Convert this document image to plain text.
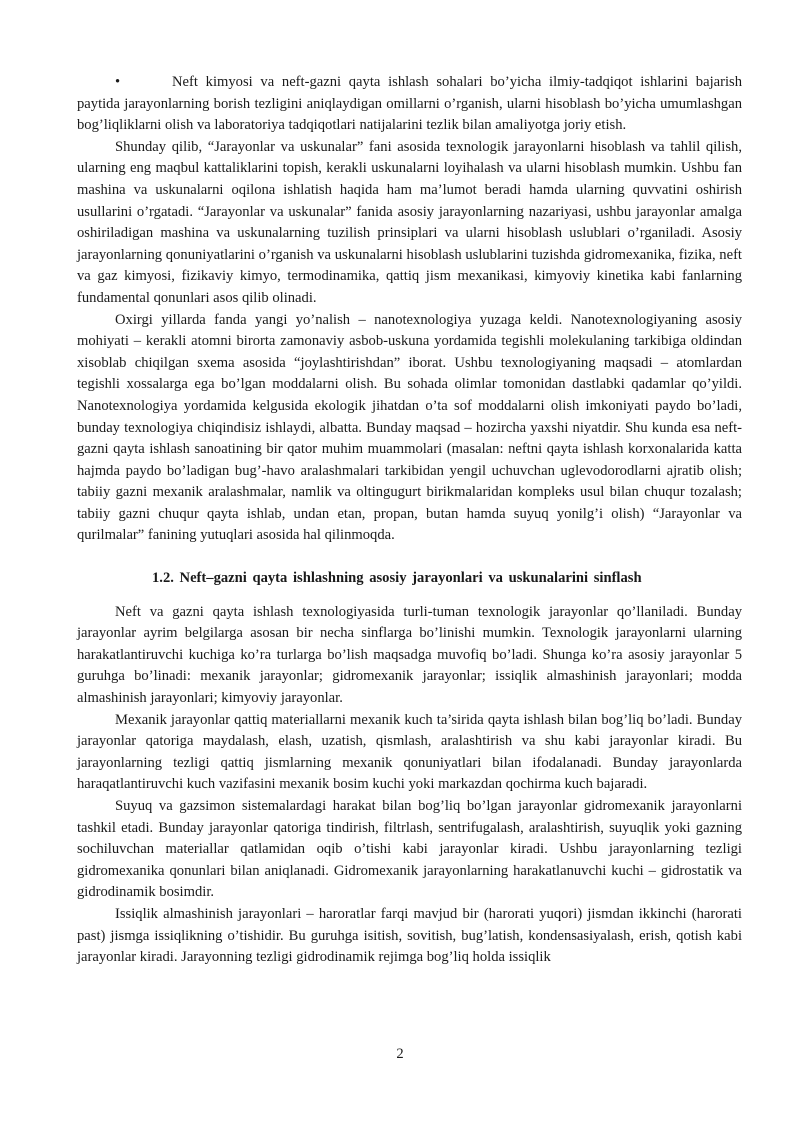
•	Neft kimyosi va neft-gazni qayta ishlash sohalari bo’yicha ilmiy-tadqiqot ishlarini bajarish paytida jarayonlarning borish tezligini aniqlaydigan omillarni o’rganish, ularni hisoblash bo’yicha umumlashgan bog’liqliklarni olish va laboratoriya tadqiqotlari natijalarini tezlik bilan amaliyotga joriy etish.

Shunday qilib, “Jarayonlar va uskunalar” fani asosida texnologik jarayonlarni hisoblash va tahlil qilish, ularning eng maqbul kattaliklarini topish, kerakli uskunalarni loyihalash va ularni hisoblash mumkin. Ushbu fan mashina va uskunalarni oqilona ishlatish haqida ham ma’lumot beradi hamda ularning quvvatini oshirish usullarini o’rgatadi. “Jarayonlar va uskunalar” fanida asosiy jarayonlarning nazariyasi, ushbu jarayonlar amalga oshiriladigan mashina va uskunalarning tuzilish prinsiplari va ularni hisoblash uslublari o’rganiladi. Asosiy jarayonlarning qonuniyatlarini o’rganish va uskunalarni hisoblash uslublarini tuzishda gidromexanika, fizika, neft va gaz kimyosi, fizikaviy kimyo, termodinamika, qattiq jism mexanikasi, kimyoviy kinetika kabi fanlarning fundamental qonunlari asos qilib olinadi.

Oxirgi yillarda fanda yangi yo’nalish – nanotexnologiya yuzaga keldi. Nanotexnologiyaning asosiy mohiyati – kerakli atomni birorta zamonaviy asbob-uskuna yordamida tegishli molekulaning tarkibiga oldindan xisoblab chiqilgan sxema asosida “joylashtirishdan” iborat. Ushbu texnologiyaning maqsadi – atomlardan tegishli xossalarga ega bo’lgan moddalarni olish. Bu sohada olimlar tomonidan dastlabki qadamlar qo’yildi. Nanotexnologiya yordamida kelgusida ekologik jihatdan o’ta sof moddalarni olish imkoniyati paydo bo’ladi, bunday texnologiya chiqindisiz ishlaydi, albatta. Bunday maqsad – hozircha yaxshi niyatdir. Shu kunda esa neft-gazni qayta ishlash sanoatining bir qator muhim muammolari (masalan: neftni qayta ishlash korxonalarida katta hajmda paydo bo’ladigan bug’-havo aralashmalari tarkibidan yengil uchuvchan uglevodorodlarni ajratib olish; tabiiy gazni mexanik aralashmalar, namlik va oltingugurt birikmalaridan kompleks usul bilan chuqur tozalash; tabiiy gazni chuqur qayta ishlab, undan etan, propan, butan hamda suyuq yonilg’i olish) “Jarayonlar va qurilmalar” fanining yutuqlari asosida hal qilinmoqda.

1.2. Neft–gazni qayta ishlashning asosiy jarayonlari va uskunalarini sinflash

Neft va gazni qayta ishlash texnologiyasida turli-tuman texnologik jarayonlar qo’llaniladi. Bunday jarayonlar ayrim belgilarga asosan bir necha sinflarga bo’linishi mumkin. Texnologik jarayonlarni ularning harakatlantiruvchi kuchiga ko’ra turlarga bo’lish maqsadga muvofiq bo’ladi. Shunga ko’ra asosiy jarayonlar 5 guruhga bo’linadi: mexanik jarayonlar; gidromexanik jarayonlar; issiqlik almashinish jarayonlari; modda almashinish jarayonlari; kimyoviy jarayonlar.

Mexanik jarayonlar qattiq materiallarni mexanik kuch ta’sirida qayta ishlash bilan bog’liq bo’ladi. Bunday jarayonlar qatoriga maydalash, elash, uzatish, qismlash, aralashtirish va shu kabi jarayonlar kiradi. Bu jarayonlarning tezligi qattiq jismlarning mexanik qonuniyatlari bilan ifodalanadi. Bunday jarayonlarda haraqatlantiruvchi kuch vazifasini mexanik bosim kuchi yoki markazdan qochirma kuch bajaradi.

Suyuq va gazsimon sistemalardagi harakat bilan bog’liq bo’lgan jarayonlar gidromexanik jarayonlarni tashkil etadi. Bunday jarayonlar qatoriga tindirish, filtrlash, sentrifugalash, aralashtirish, suyuqlik yoki gazning sochiluvchan materiallar qatlamidan oqib o’tishi kabi jarayonlar kiradi. Ushbu jarayonlarning tezligi gidromexanika qonunlari bilan aniqlanadi. Gidromexanik jarayonlarning harakatlanuvchi kuchi – gidrostatik va gidrodinamik bosimdir.

Issiqlik almashinish jarayonlari – haroratlar farqi mavjud bir (harorati yuqori) jismdan ikkinchi (harorati past) jismga issiqlikning o’tishidir. Bu guruhga isitish, sovitish, bug’latish, kondensasiyalash, erish, qotish kabi jarayonlar kiradi. Jarayonning tezligi gidrodinamik rejimga bog’liq holda issiqlik

2
